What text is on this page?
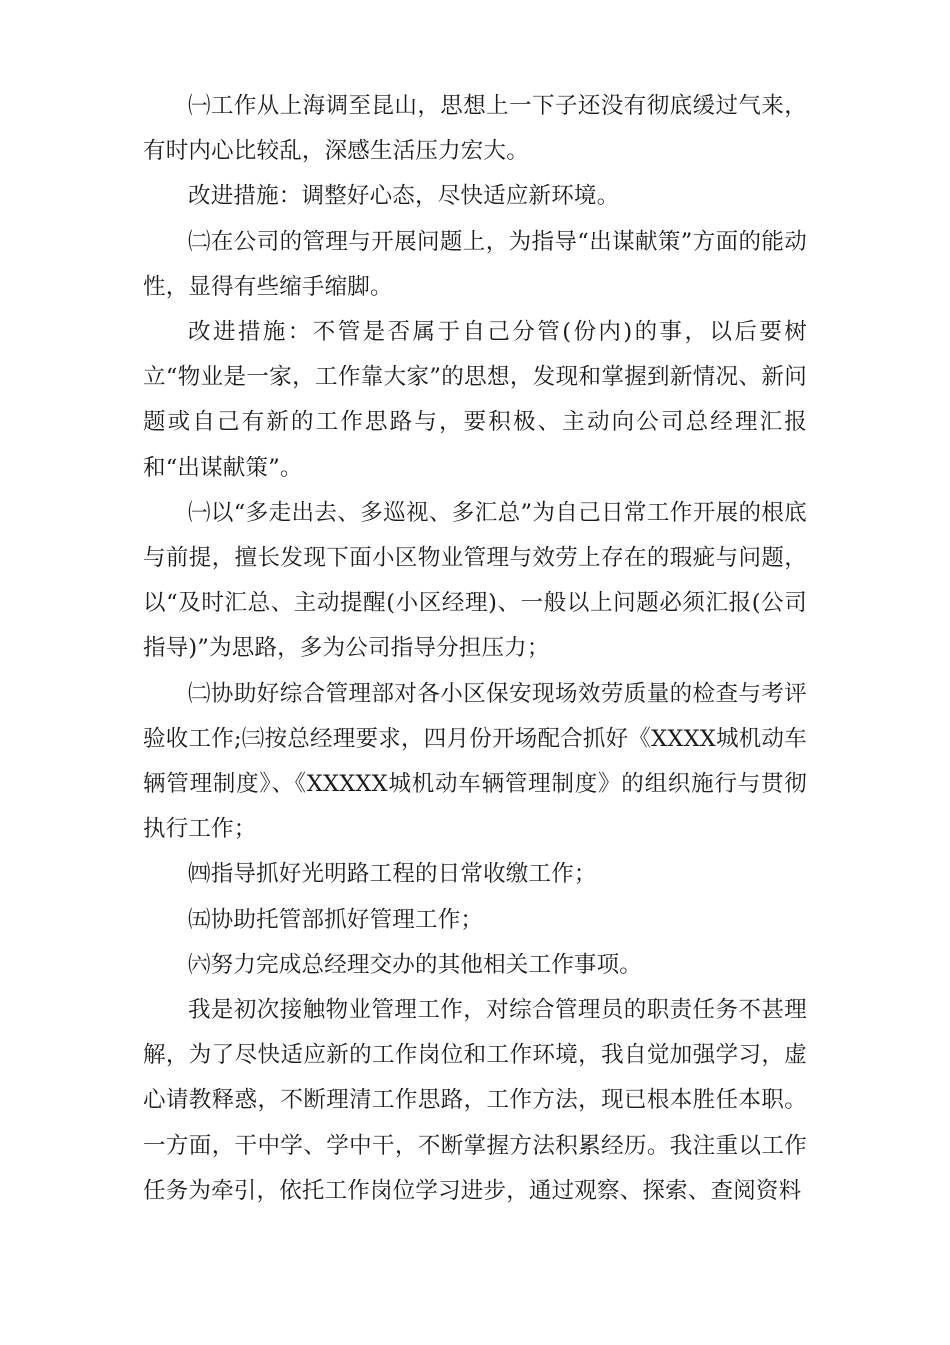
㈠工作从上海调至昆山，思想上一下子还没有彻底缓过气来，有时内心比较乱，深感生活压力宏大。

改进措施：调整好心态，尽快适应新环境。

㈡在公司的管理与开展问题上，为指导“出谋献策”方面的能动性，显得有些缩手缩脚。

改进措施：不管是否属于自己分管(份内)的事，以后要树立“物业是一家，工作靠大家”的思想，发现和掌握到新情况、新问题或自己有新的工作思路与，要积极、主动向公司总经理汇报和“出谋献策”。

㈠以“多走出去、多巡视、多汇总”为自己日常工作开展的根底与前提，擅长发现下面小区物业管理与效劳上存在的瑕疵与问题，以“及时汇总、主动提醒(小区经理)、一般以上问题必须汇报(公司指导)”为思路，多为公司指导分担压力；

㈡协助好综合管理部对各小区保安现场效劳质量的检查与考评验收工作;㈢按总经理要求，四月份开场配合抓好《XXXX城机动车辆管理制度》、《XXXXX城机动车辆管理制度》的组织施行与贯彻执行工作；

㈣指导抓好光明路工程的日常收缴工作；

㈤协助托管部抓好管理工作；

㈥努力完成总经理交办的其他相关工作事项。

我是初次接触物业管理工作，对综合管理员的职责任务不甚理解，为了尽快适应新的工作岗位和工作环境，我自觉加强学习，虚心请教释惑，不断理清工作思路，工作方法，现已根本胜任本职。一方面，干中学、学中干，不断掌握方法积累经历。我注重以工作任务为牵引，依托工作岗位学习进步，通过观察、探索、查阅资料
